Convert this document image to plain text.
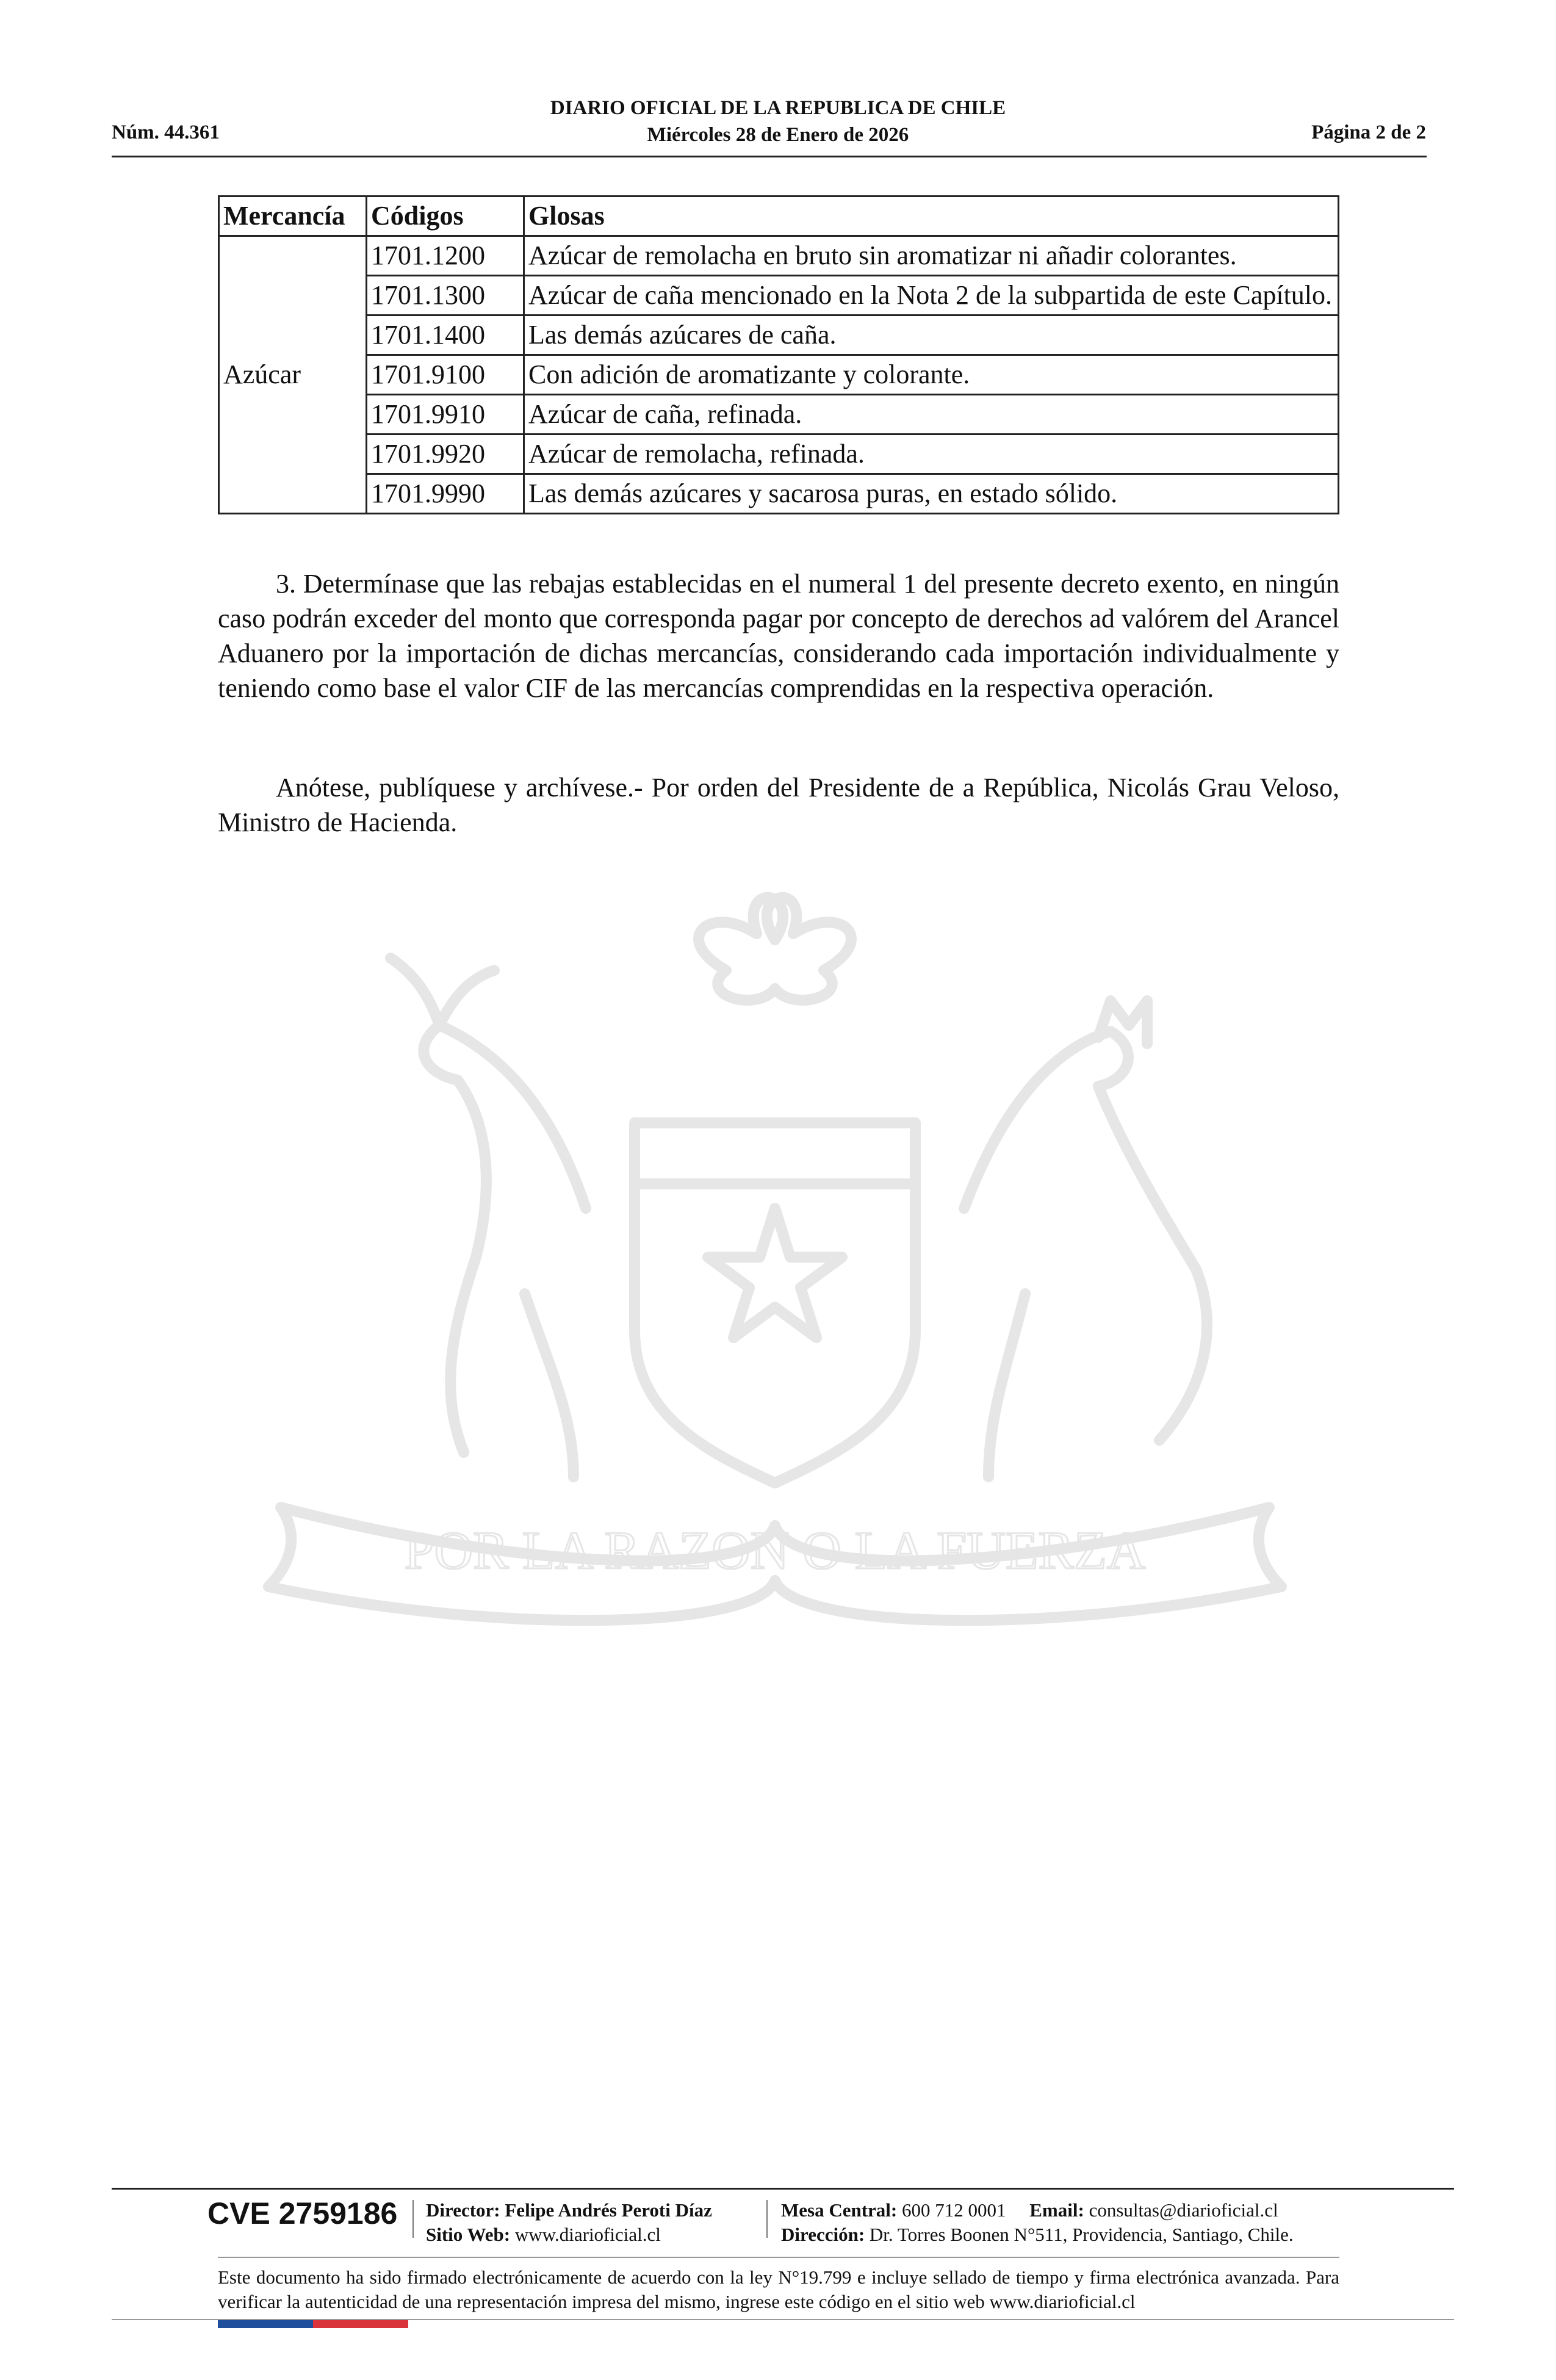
DIARIO OFICIAL DE LA REPUBLICA DE CHILE
Miércoles 28 de Enero de 2026
Núm. 44.361	Página 2 de 2
Mercancía	Códigos	Glosas
Azúcar	1701.1200	Azúcar de remolacha en bruto sin aromatizar ni añadir colorantes.
	1701.1300	Azúcar de caña mencionado en la Nota 2 de la subpartida de este Capítulo.
	1701.1400	Las demás azúcares de caña.
	1701.9100	Con adición de aromatizante y colorante.
	1701.9910	Azúcar de caña, refinada.
	1701.9920	Azúcar de remolacha, refinada.
	1701.9990	Las demás azúcares y sacarosa puras, en estado sólido.
3. Determínase que las rebajas establecidas en el numeral 1 del presente decreto exento, en ningún caso podrán exceder del monto que corresponda pagar por concepto de derechos ad valórem del Arancel Aduanero por la importación de dichas mercancías, considerando cada importación individualmente y teniendo como base el valor CIF de las mercancías comprendidas en la respectiva operación.
Anótese, publíquese y archívese.- Por orden del Presidente de a República, Nicolás Grau Veloso, Ministro de Hacienda.
POR LA RAZON O LA FUERZA
CVE 2759186 Director: Felipe Andrés Peroti Díaz
Sitio Web: www.diarioficial.cl
Mesa Central: 600 712 0001 Email: consultas@diarioficial.cl
Dirección: Dr. Torres Boonen N°511, Providencia, Santiago, Chile.
Este documento ha sido firmado electrónicamente de acuerdo con la ley N°19.799 e incluye sellado de tiempo y firma electrónica avanzada. Para verificar la autenticidad de una representación impresa del mismo, ingrese este código en el sitio web www.diarioficial.cl
